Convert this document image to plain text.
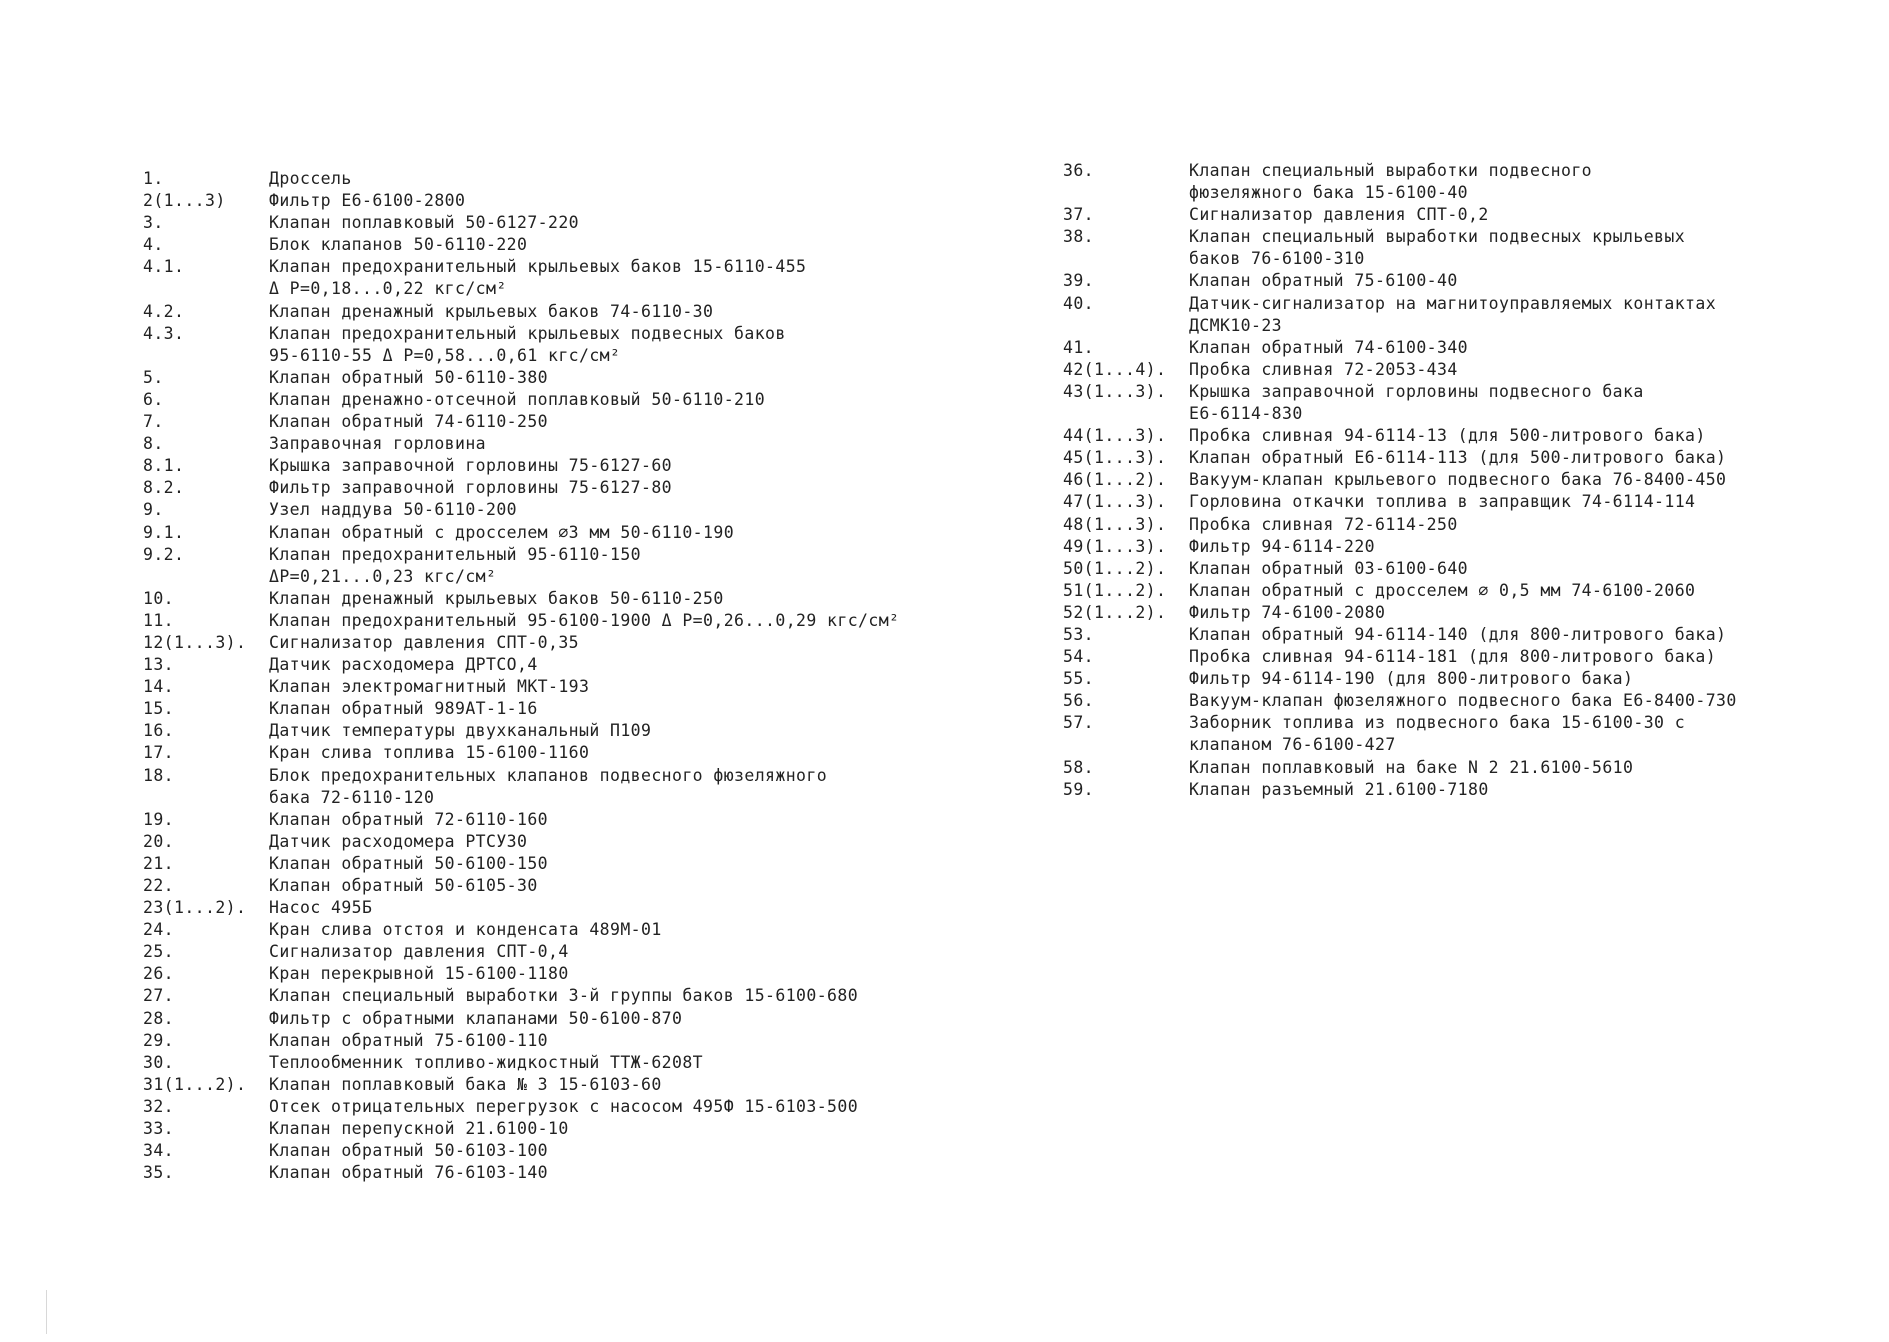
1.	Дроссель
2(1...3)	Фильтр Е6-6100-2800
3.	Клапан поплавковый 50-6127-220
4.	Блок клапанов 50-6110-220
4.1.	Клапан предохранительный крыльевых баков 15-6110-455
Δ Р=0,18...0,22 кгс/см²
4.2.	Клапан дренажный крыльевых баков 74-6110-30
4.3.	Клапан предохранительный крыльевых подвесных баков
95-6110-55 Δ Р=0,58...0,61 кгс/см²
5.	Клапан обратный 50-6110-380
6.	Клапан дренажно-отсечной поплавковый 50-6110-210
7.	Клапан обратный 74-6110-250
8.	Заправочная горловина
8.1.	Крышка заправочной горловины 75-6127-60
8.2.	Фильтр заправочной горловины 75-6127-80
9.	Узел наддува 50-6110-200
9.1.	Клапан обратный с дросселем ∅3 мм 50-6110-190
9.2.	Клапан предохранительный 95-6110-150
ΔР=0,21...0,23 кгс/см²
10.	Клапан дренажный крыльевых баков 50-6110-250
11.	Клапан предохранительный 95-6100-1900 Δ Р=0,26...0,29 кгс/см²
12(1...3).	Сигнализатор давления СПТ-0,35
13.	Датчик расходомера ДРТСО,4
14.	Клапан электромагнитный МКТ-193
15.	Клапан обратный 989АТ-1-16
16.	Датчик температуры двухканальный П109
17.	Кран слива топлива 15-6100-1160
18.	Блок предохранительных клапанов подвесного фюзеляжного
бака 72-6110-120
19.	Клапан обратный 72-6110-160
20.	Датчик расходомера РТСУ30
21.	Клапан обратный 50-6100-150
22.	Клапан обратный 50-6105-30
23(1...2).	Насос 495Б
24.	Кран слива отстоя и конденсата 489М-01
25.	Сигнализатор давления СПТ-0,4
26.	Кран перекрывной 15-6100-1180
27.	Клапан специальный выработки 3-й группы баков 15-6100-680
28.	Фильтр с обратными клапанами 50-6100-870
29.	Клапан обратный 75-6100-110
30.	Теплообменник топливо-жидкостный ТТЖ-6208Т
31(1...2).	Клапан поплавковый бака № 3 15-6103-60
32.	Отсек отрицательных перегрузок с насосом 495Ф 15-6103-500
33.	Клапан перепускной 21.6100-10
34.	Клапан обратный 50-6103-100
35.	Клапан обратный 76-6103-140
36.	Клапан специальный выработки подвесного
фюзеляжного бака 15-6100-40
37.	Сигнализатор давления СПТ-0,2
38.	Клапан специальный выработки подвесных крыльевых
баков 76-6100-310
39.	Клапан обратный 75-6100-40
40.	Датчик-сигнализатор на магнитоуправляемых контактах
ДСМК10-23
41.	Клапан обратный 74-6100-340
42(1...4).	Пробка сливная 72-2053-434
43(1...3).	Крышка заправочной горловины подвесного бака
Е6-6114-830
44(1...3).	Пробка сливная 94-6114-13 (для 500-литрового бака)
45(1...3).	Клапан обратный Е6-6114-113 (для 500-литрового бака)
46(1...2).	Вакуум-клапан крыльевого подвесного бака 76-8400-450
47(1...3).	Горловина откачки топлива в заправщик 74-6114-114
48(1...3).	Пробка сливная 72-6114-250
49(1...3).	Фильтр 94-6114-220
50(1...2).	Клапан обратный 03-6100-640
51(1...2).	Клапан обратный с дросселем ∅ 0,5 мм 74-6100-2060
52(1...2).	Фильтр 74-6100-2080
53.	Клапан обратный 94-6114-140 (для 800-литрового бака)
54.	Пробка сливная 94-6114-181 (для 800-литрового бака)
55.	Фильтр 94-6114-190 (для 800-литрового бака)
56.	Вакуум-клапан фюзеляжного подвесного бака Е6-8400-730
57.	Заборник топлива из подвесного бака 15-6100-30 с
клапаном 76-6100-427
58.	Клапан поплавковый на баке N 2 21.6100-5610
59.	Клапан разъемный 21.6100-7180
